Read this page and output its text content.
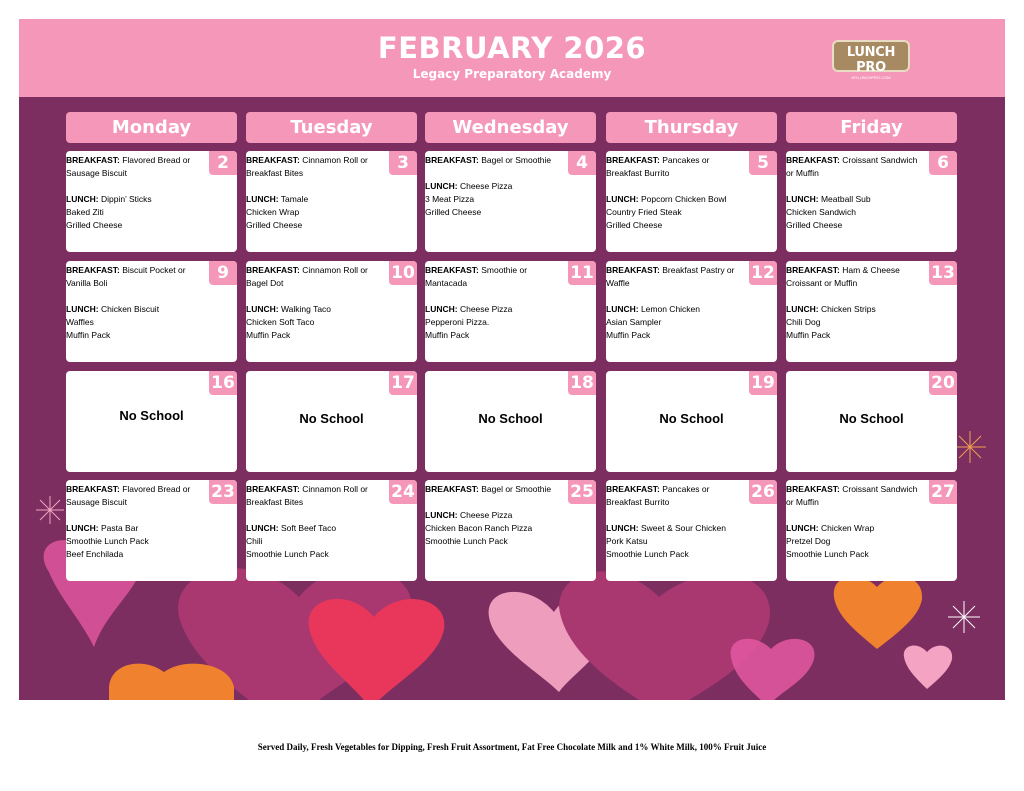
FEBRUARY 2026
Legacy Preparatory Academy
LUNCH PRO
MYLUNCHPRO.COM
Monday	Tuesday	Wednesday	Thursday	Friday
2
BREAKFAST: Flavored Bread or Sausage Biscuit
LUNCH: Dippin’ Sticks
Baked Ziti
Grilled Cheese
3
BREAKFAST: Cinnamon Roll or Breakfast Bites
LUNCH: Tamale
Chicken Wrap
Grilled Cheese
4
BREAKFAST: Bagel or Smoothie
LUNCH: Cheese Pizza
3 Meat Pizza
Grilled Cheese
5
BREAKFAST: Pancakes or Breakfast Burrito
LUNCH: Popcorn Chicken Bowl
Country Fried Steak
Grilled Cheese
6
BREAKFAST: Croissant Sandwich or Muffin
LUNCH: Meatball Sub
Chicken Sandwich
Grilled Cheese
9
BREAKFAST: Biscuit Pocket or Vanilla Boli
LUNCH: Chicken Biscuit
Waffles
Muffin Pack
10
BREAKFAST: Cinnamon Roll or Bagel Dot
LUNCH: Walking Taco
Chicken Soft Taco
Muffin Pack
11
BREAKFAST: Smoothie or Mantacada
LUNCH: Cheese Pizza
Pepperoni Pizza.
Muffin Pack
12
BREAKFAST: Breakfast Pastry or Waffle
LUNCH: Lemon Chicken
Asian Sampler
Muffin Pack
13
BREAKFAST: Ham & Cheese Croissant or Muffin
LUNCH: Chicken Strips
Chili Dog
Muffin Pack
16
No School
17
No School
18
No School
19
No School
20
No School
23
BREAKFAST: Flavored Bread or Sausage Biscuit
LUNCH: Pasta Bar
Smoothie Lunch Pack
Beef Enchilada
24
BREAKFAST: Cinnamon Roll or Breakfast Bites
LUNCH: Soft Beef Taco
Chili
Smoothie Lunch Pack
25
BREAKFAST: Bagel or Smoothie
LUNCH: Cheese Pizza
Chicken Bacon Ranch Pizza
Smoothie Lunch Pack
26
BREAKFAST: Pancakes or Breakfast Burrito
LUNCH: Sweet & Sour Chicken
Pork Katsu
Smoothie Lunch Pack
27
BREAKFAST: Croissant Sandwich or Muffin
LUNCH: Chicken Wrap
Pretzel Dog
Smoothie Lunch Pack
Served Daily, Fresh Vegetables for Dipping, Fresh Fruit Assortment, Fat Free Chocolate Milk and 1% White Milk, 100% Fruit Juice
